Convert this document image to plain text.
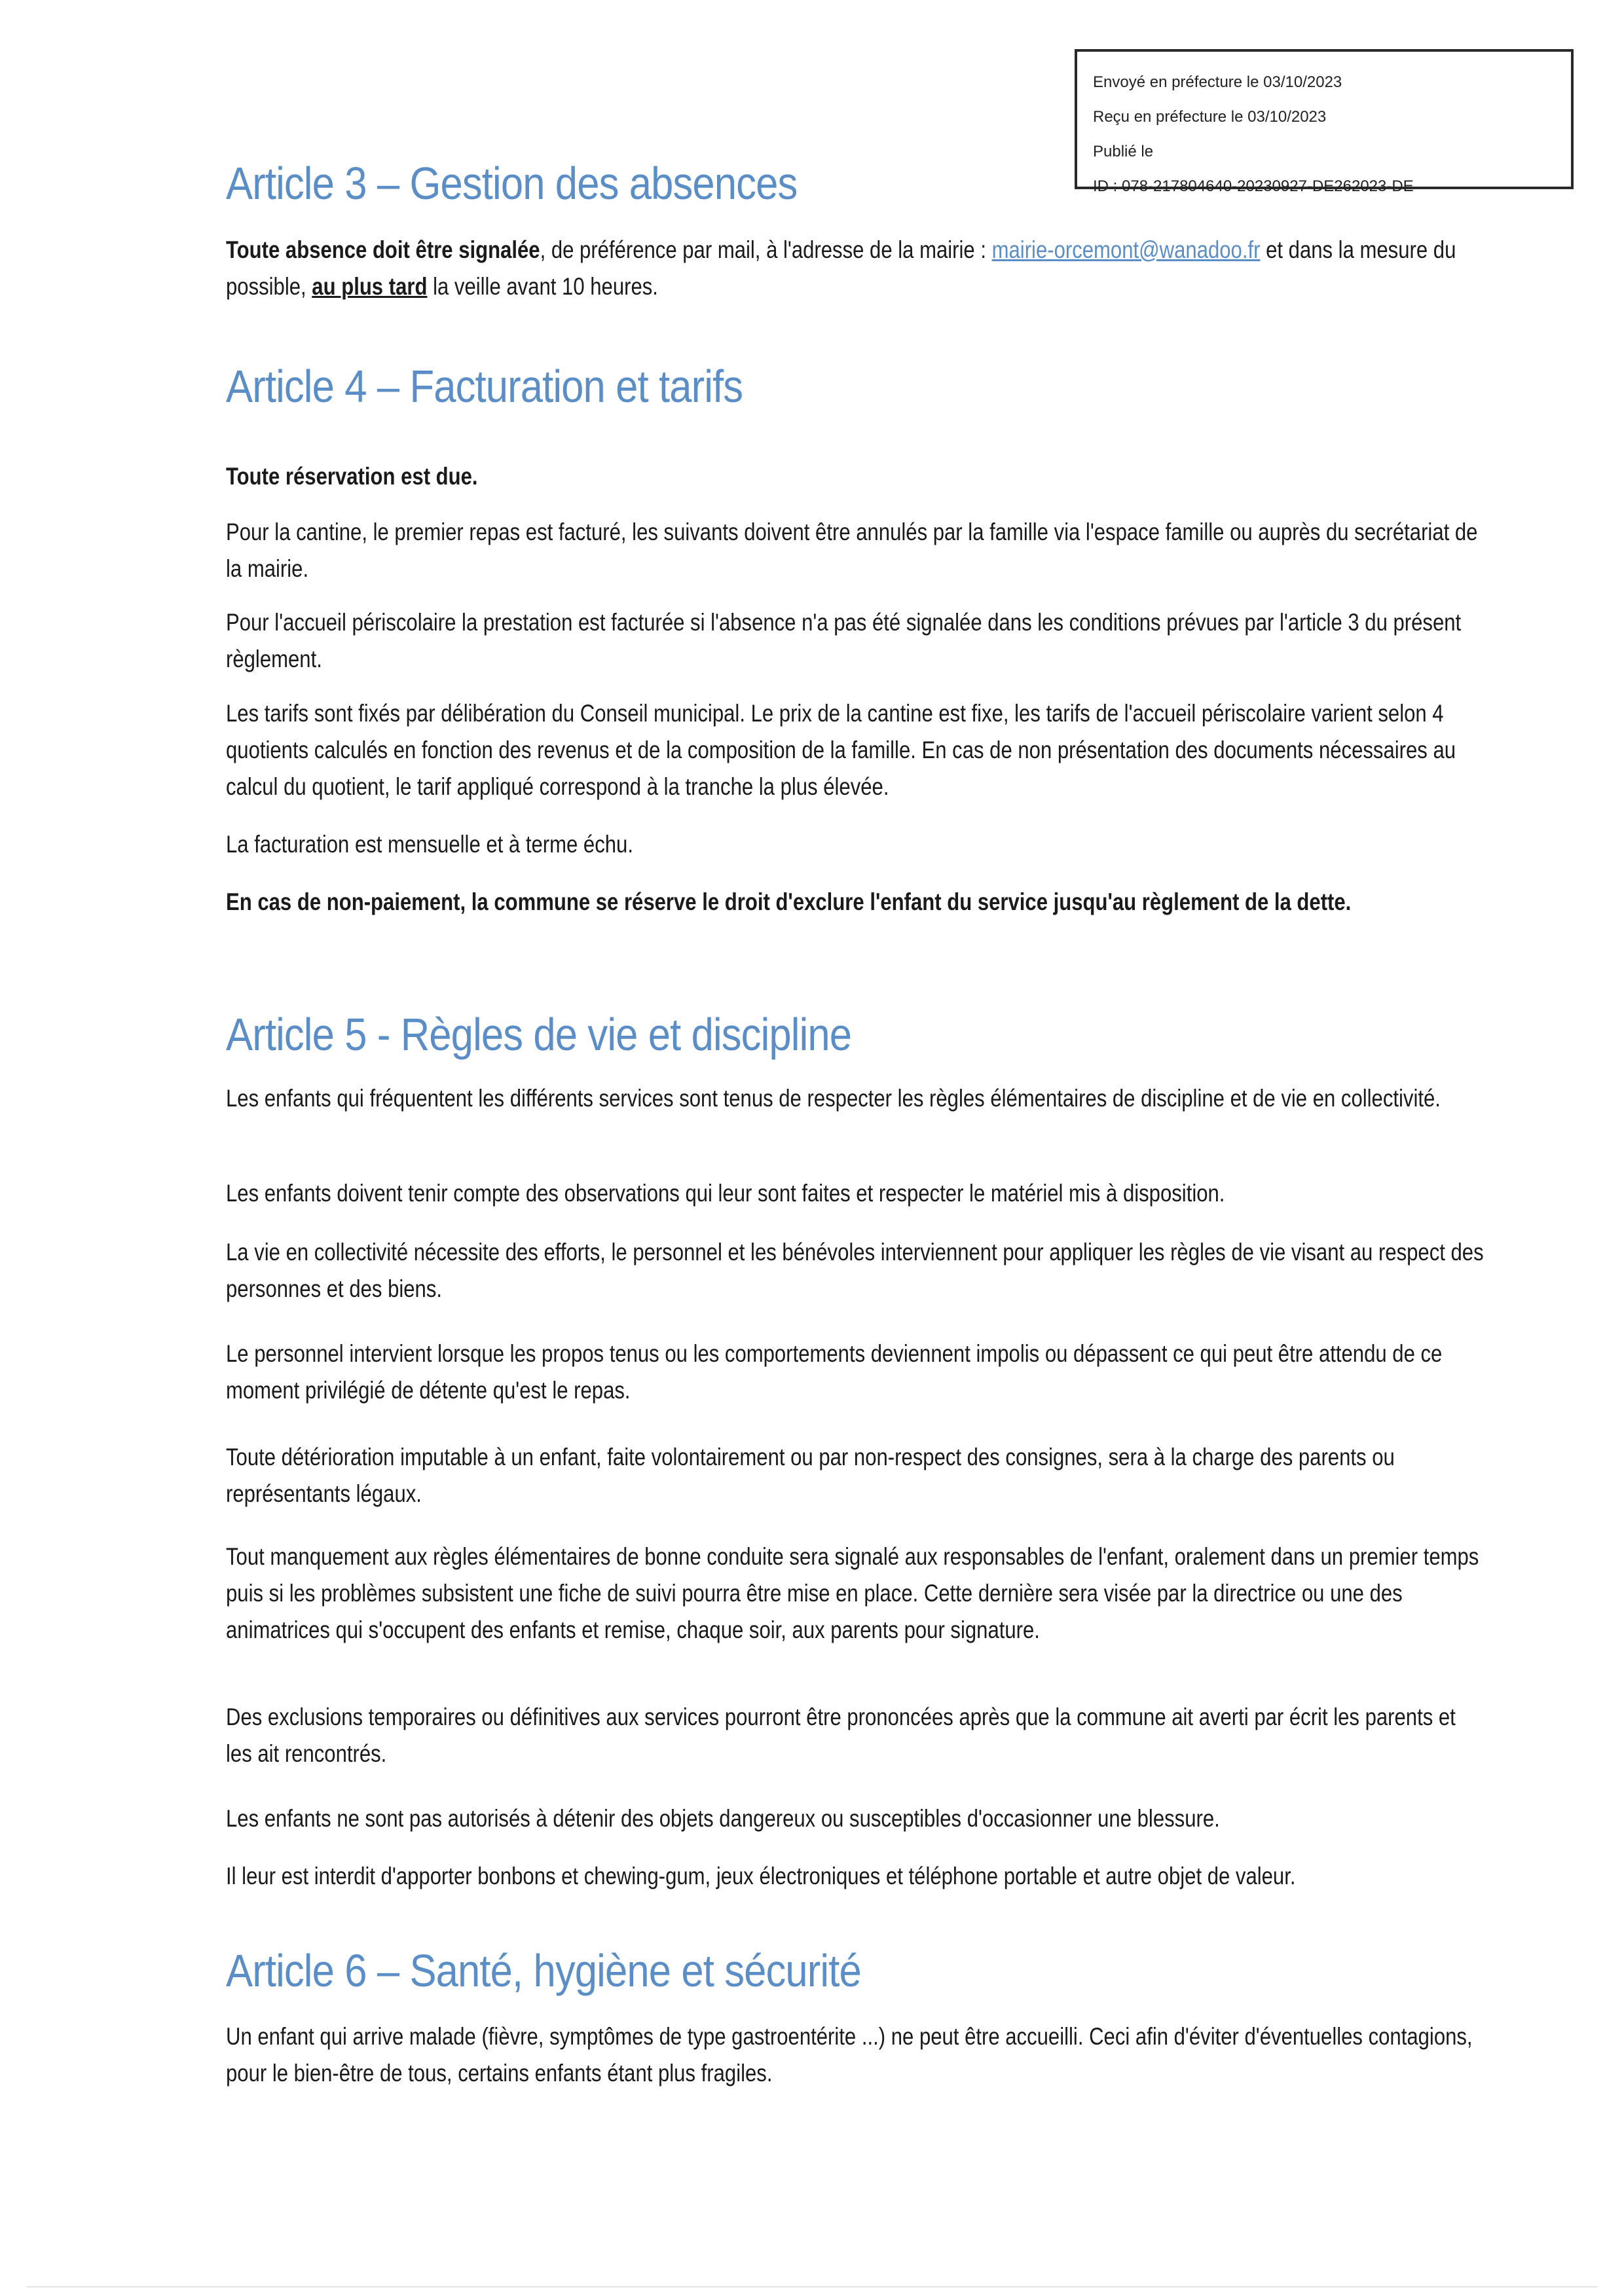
Envoyé en préfecture le 03/10/2023
Reçu en préfecture le 03/10/2023
Publié le
ID : 078-217804640-20230927-DE262023-DE
Article 3 – Gestion des absences

Toute absence doit être signalée, de préférence par mail, à l'adresse de la mairie : mairie-orcemont@wanadoo.fr et dans la mesure du possible, au plus tard la veille avant 10 heures.

Article 4 – Facturation et tarifs

Toute réservation est due.

Pour la cantine, le premier repas est facturé, les suivants doivent être annulés par la famille via l'espace famille ou auprès du secrétariat de la mairie.

Pour l'accueil périscolaire la prestation est facturée si l'absence n'a pas été signalée dans les conditions prévues par l'article 3 du présent règlement.

Les tarifs sont fixés par délibération du Conseil municipal. Le prix de la cantine est fixe, les tarifs de l'accueil périscolaire varient selon 4 quotients calculés en fonction des revenus et de la composition de la famille. En cas de non présentation des documents nécessaires au calcul du quotient, le tarif appliqué correspond à la tranche la plus élevée.

La facturation est mensuelle et à terme échu.

En cas de non-paiement, la commune se réserve le droit d'exclure l'enfant du service jusqu'au règlement de la dette.

Article 5 - Règles de vie et discipline

Les enfants qui fréquentent les différents services sont tenus de respecter les règles élémentaires de discipline et de vie en collectivité.

Les enfants doivent tenir compte des observations qui leur sont faites et respecter le matériel mis à disposition.

La vie en collectivité nécessite des efforts, le personnel et les bénévoles interviennent pour appliquer les règles de vie visant au respect des personnes et des biens.

Le personnel intervient lorsque les propos tenus ou les comportements deviennent impolis ou dépassent ce qui peut être attendu de ce moment privilégié de détente qu'est le repas.

Toute détérioration imputable à un enfant, faite volontairement ou par non-respect des consignes, sera à la charge des parents ou représentants légaux.

Tout manquement aux règles élémentaires de bonne conduite sera signalé aux responsables de l'enfant, oralement dans un premier temps puis si les problèmes subsistent une fiche de suivi pourra être mise en place. Cette dernière sera visée par la directrice ou une des animatrices qui s'occupent des enfants et remise, chaque soir, aux parents pour signature.

Des exclusions temporaires ou définitives aux services pourront être prononcées après que la commune ait averti par écrit les parents et les ait rencontrés.

Les enfants ne sont pas autorisés à détenir des objets dangereux ou susceptibles d'occasionner une blessure.

Il leur est interdit d'apporter bonbons et chewing-gum, jeux électroniques et téléphone portable et autre objet de valeur.

Article 6 – Santé, hygiène et sécurité

Un enfant qui arrive malade (fièvre, symptômes de type gastroentérite ...) ne peut être accueilli. Ceci afin d'éviter d'éventuelles contagions, pour le bien-être de tous, certains enfants étant plus fragiles.
